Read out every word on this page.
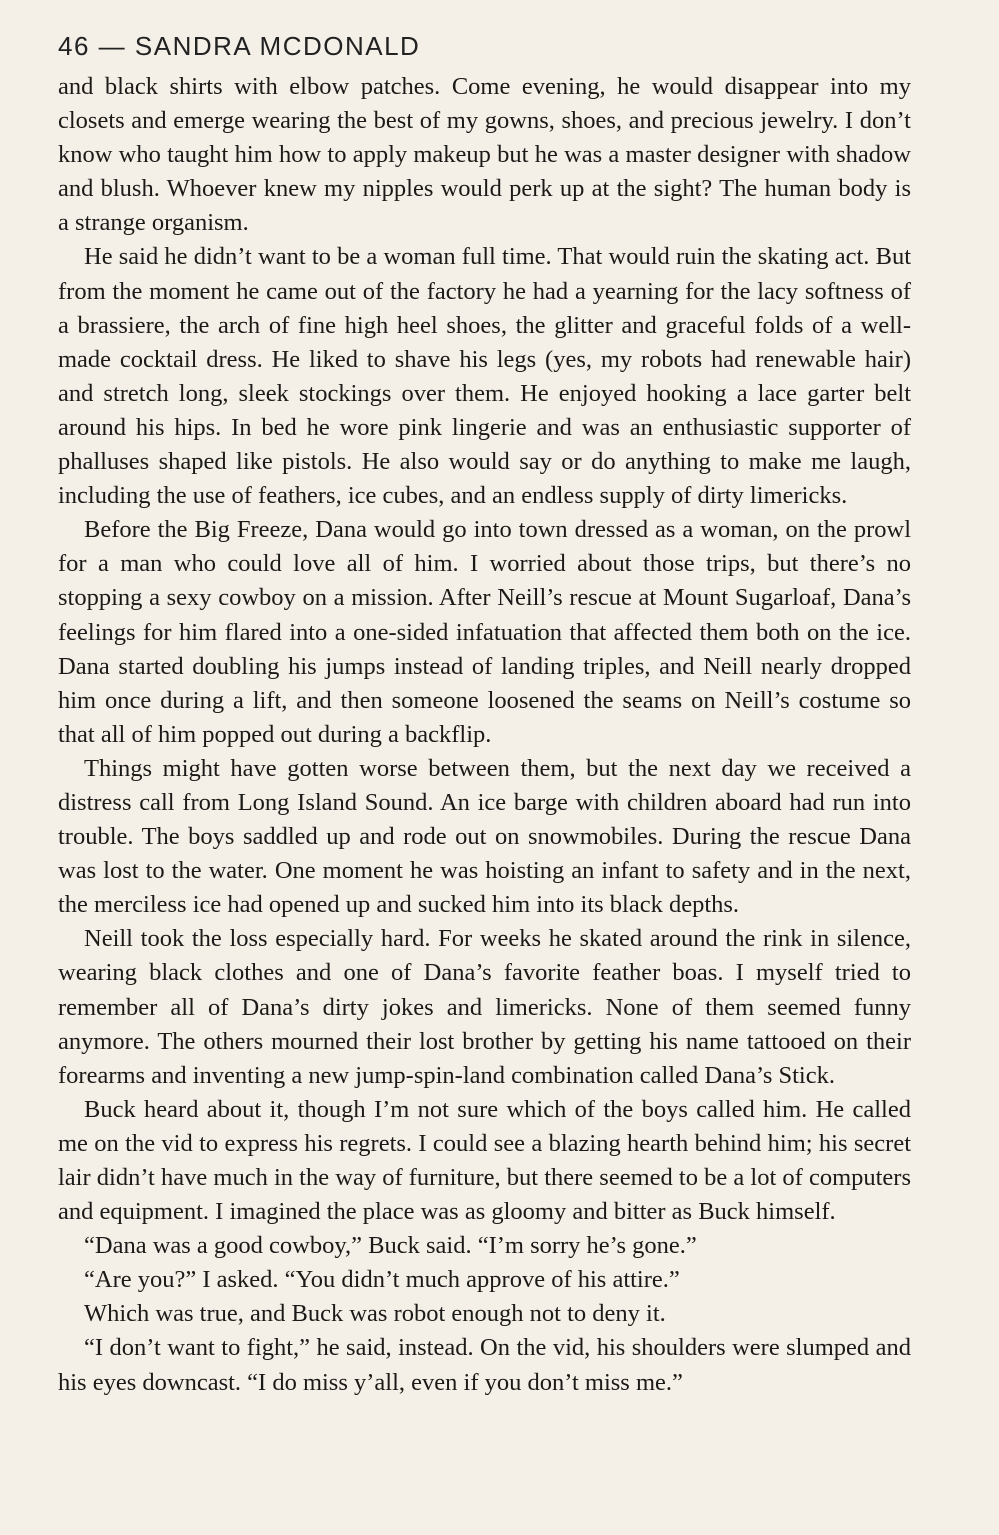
46 — SANDRA MCDONALD

and black shirts with elbow patches. Come evening, he would disappear into my closets and emerge wearing the best of my gowns, shoes, and precious jewelry. I don’t know who taught him how to apply makeup but he was a master designer with shadow and blush. Whoever knew my nipples would perk up at the sight? The human body is a strange organism.

He said he didn’t want to be a woman full time. That would ruin the skating act. But from the moment he came out of the factory he had a yearning for the lacy softness of a brassiere, the arch of fine high heel shoes, the glitter and graceful folds of a well-made cocktail dress. He liked to shave his legs (yes, my robots had renewable hair) and stretch long, sleek stockings over them. He enjoyed hooking a lace garter belt around his hips. In bed he wore pink lingerie and was an enthusiastic supporter of phalluses shaped like pistols. He also would say or do anything to make me laugh, including the use of feathers, ice cubes, and an endless supply of dirty limericks.

Before the Big Freeze, Dana would go into town dressed as a woman, on the prowl for a man who could love all of him. I worried about those trips, but there’s no stopping a sexy cowboy on a mission. After Neill’s rescue at Mount Sugarloaf, Dana’s feelings for him flared into a one-sided infatuation that affected them both on the ice. Dana started doubling his jumps instead of landing triples, and Neill nearly dropped him once during a lift, and then someone loosened the seams on Neill’s costume so that all of him popped out during a backflip.

Things might have gotten worse between them, but the next day we received a distress call from Long Island Sound. An ice barge with children aboard had run into trouble. The boys saddled up and rode out on snowmobiles. During the rescue Dana was lost to the water. One moment he was hoisting an infant to safety and in the next, the merciless ice had opened up and sucked him into its black depths.

Neill took the loss especially hard. For weeks he skated around the rink in silence, wearing black clothes and one of Dana’s favorite feather boas. I myself tried to remember all of Dana’s dirty jokes and limericks. None of them seemed funny anymore. The others mourned their lost brother by getting his name tattooed on their forearms and inventing a new jump-spin-land combination called Dana’s Stick.

Buck heard about it, though I’m not sure which of the boys called him. He called me on the vid to express his regrets. I could see a blazing hearth behind him; his secret lair didn’t have much in the way of furniture, but there seemed to be a lot of computers and equipment. I imagined the place was as gloomy and bitter as Buck himself.

“Dana was a good cowboy,” Buck said. “I’m sorry he’s gone.”

“Are you?” I asked. “You didn’t much approve of his attire.”

Which was true, and Buck was robot enough not to deny it.

“I don’t want to fight,” he said, instead. On the vid, his shoulders were slumped and his eyes downcast. “I do miss y’all, even if you don’t miss me.”
